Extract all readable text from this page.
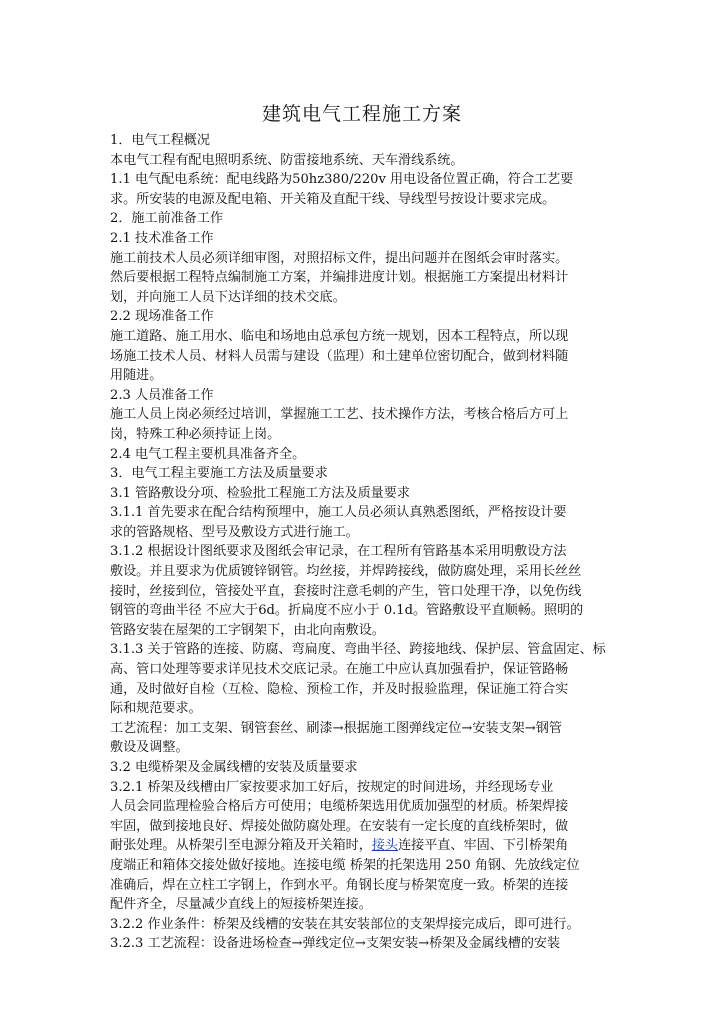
建筑电气工程施工方案
1．电气工程概况
本电气工程有配电照明系统、防雷接地系统、天车滑线系统。
1.1 电气配电系统：配电线路为50hz380/220v 用电设备位置正确，符合工艺要
求。所安装的电源及配电箱、开关箱及直配干线、导线型号按设计要求完成。
2．施工前准备工作
2.1 技术准备工作
施工前技术人员必须详细审图，对照招标文件，提出问题并在图纸会审时落实。
然后要根据工程特点编制施工方案，并编排进度计划。根据施工方案提出材料计
划，并向施工人员下达详细的技术交底。
2.2 现场准备工作
施工道路、施工用水、临电和场地由总承包方统一规划，因本工程特点，所以现
场施工技术人员、材料人员需与建设（监理）和土建单位密切配合，做到材料随
用随进。
2.3 人员准备工作
施工人员上岗必须经过培训，掌握施工工艺、技术操作方法，考核合格后方可上
岗，特殊工种必须持证上岗。
2.4 电气工程主要机具准备齐全。
3．电气工程主要施工方法及质量要求
3.1 管路敷设分项、检验批工程施工方法及质量要求
3.1.1 首先要求在配合结构预埋中，施工人员必须认真熟悉图纸，严格按设计要
求的管路规格、型号及敷设方式进行施工。
3.1.2 根据设计图纸要求及图纸会审记录，在工程所有管路基本采用明敷设方法
敷设。并且要求为优质镀锌钢管。均丝接，并焊跨接线，做防腐处理，采用长丝丝
接时，丝接到位，管接处平直，套接时注意毛刺的产生，管口处理干净，以免伤线
钢管的弯曲半径 不应大于6d。折扁度不应小于 0.1d。管路敷设平直顺畅。照明的
管路安装在屋架的工字钢架下，由北向南敷设。
3.1.3 关于管路的连接、防腐、弯扁度、弯曲半径、跨接地线、保护层、管盒固定、标
高、管口处理等要求详见技术交底记录。在施工中应认真加强看护，保证管路畅
通，及时做好自检（互检、隐检、预检工作，并及时报验监理，保证施工符合实
际和规范要求。
工艺流程：加工支架、钢管套丝、刷漆→根据施工图弹线定位→安装支架→钢管
敷设及调整。
3.2 电缆桥架及金属线槽的安装及质量要求
3.2.1 桥架及线槽由厂家按要求加工好后，按规定的时间进场，并经现场专业
人员会同监理检验合格后方可使用；电缆桥架选用优质加强型的材质。桥架焊接
牢固，做到接地良好、焊接处做防腐处理。在安装有一定长度的直线桥架时，做
耐张处理。从桥架引至电源分箱及开关箱时，接头连接平直、牢固、下引桥架角
度端正和箱体交接处做好接地。连接电缆 桥架的托架选用 250 角钢、先放线定位
准确后，焊在立柱工字钢上，作到水平。角钢长度与桥架宽度一致。桥架的连接
配件齐全，尽量减少直线上的短接桥架连接。
3.2.2 作业条件：桥架及线槽的安装在其安装部位的支架焊接完成后，即可进行。
3.2.3 工艺流程：设备进场检查→弹线定位→支架安装→桥架及金属线槽的安装
